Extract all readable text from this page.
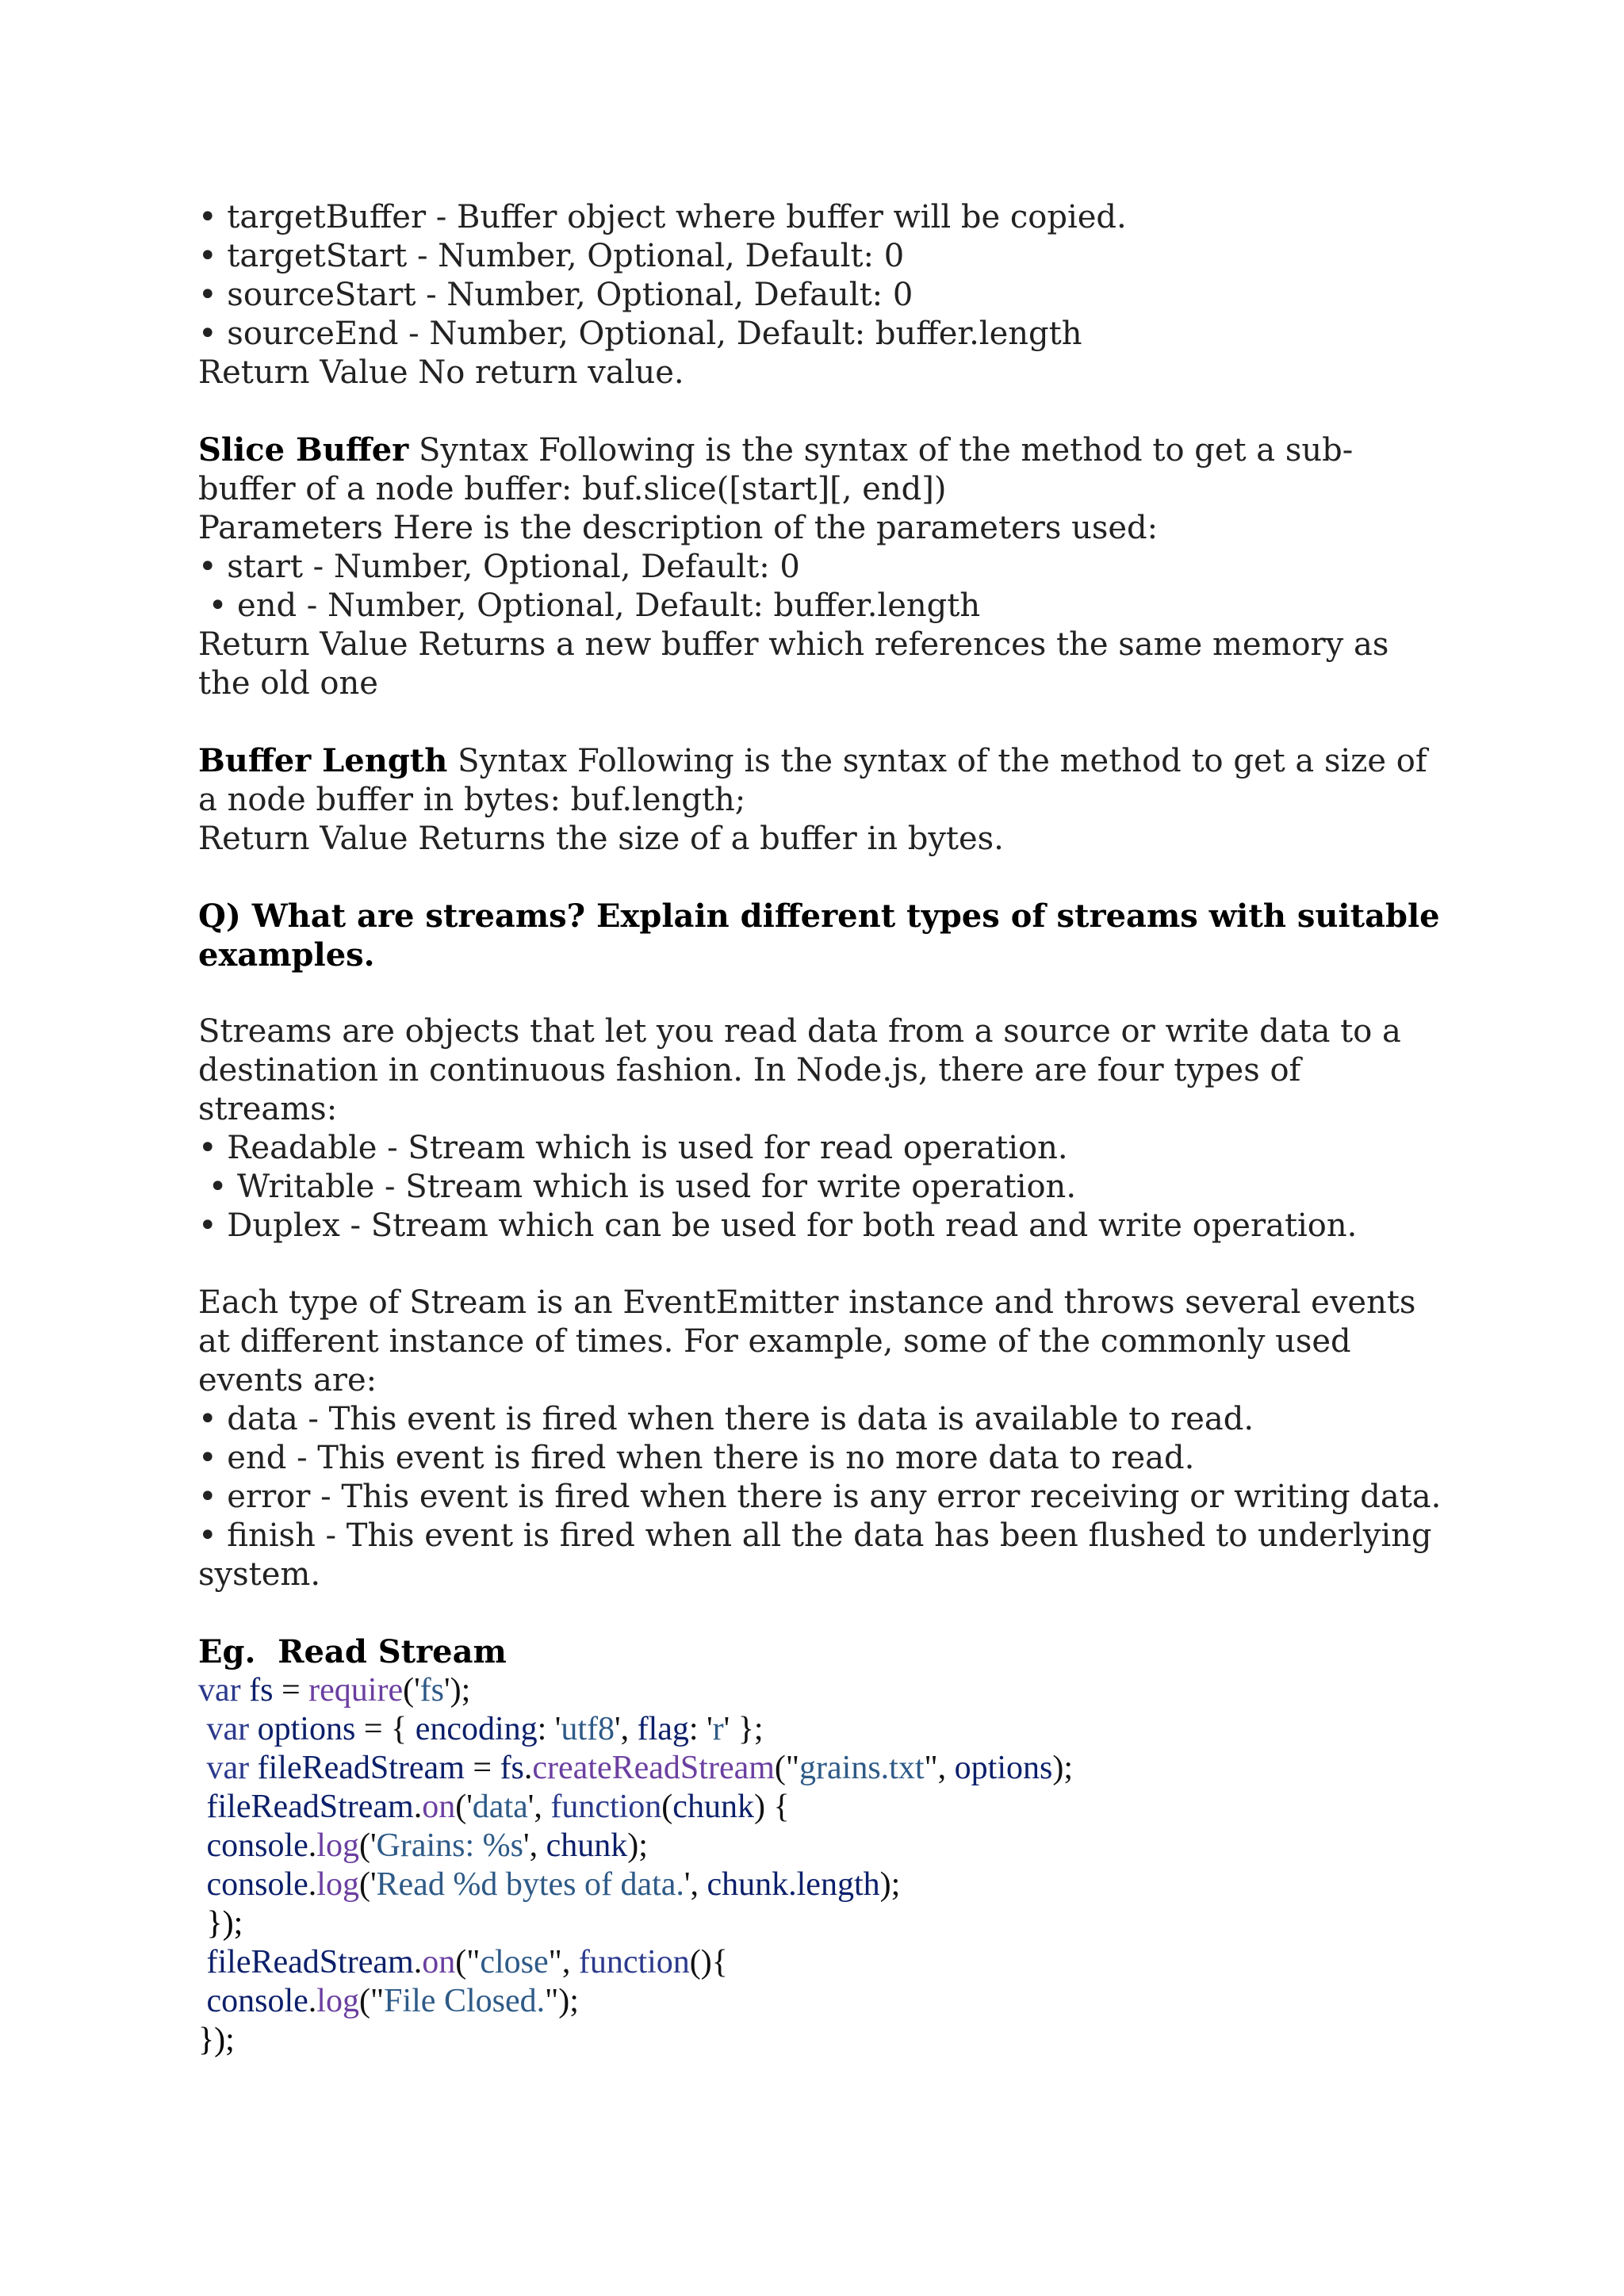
• targetBuffer - Buffer object where buffer will be copied.
• targetStart - Number, Optional, Default: 0
• sourceStart - Number, Optional, Default: 0
• sourceEnd - Number, Optional, Default: buffer.length
Return Value No return value.
Slice Buffer Syntax Following is the syntax of the method to get a sub-
buffer of a node buffer: buf.slice([start][, end])
Parameters Here is the description of the parameters used:
• start - Number, Optional, Default: 0
• end - Number, Optional, Default: buffer.length
Return Value Returns a new buffer which references the same memory as
the old one
Buffer Length Syntax Following is the syntax of the method to get a size of
a node buffer in bytes: buf.length;
Return Value Returns the size of a buffer in bytes.
Q) What are streams? Explain different types of streams with suitable
examples.
Streams are objects that let you read data from a source or write data to a
destination in continuous fashion. In Node.js, there are four types of
streams:
• Readable - Stream which is used for read operation.
• Writable - Stream which is used for write operation.
• Duplex - Stream which can be used for both read and write operation.
Each type of Stream is an EventEmitter instance and throws several events
at different instance of times. For example, some of the commonly used
events are:
• data - This event is fired when there is data is available to read.
• end - This event is fired when there is no more data to read.
• error - This event is fired when there is any error receiving or writing data.
• finish - This event is fired when all the data has been flushed to underlying
system.
Eg.  Read Stream
var fs = require('fs');
var options = { encoding: 'utf8', flag: 'r' };
var fileReadStream = fs.createReadStream("grains.txt", options);
fileReadStream.on('data', function(chunk) {
console.log('Grains: %s', chunk);
console.log('Read %d bytes of data.', chunk.length);
});
fileReadStream.on("close", function(){
console.log("File Closed.");
});
